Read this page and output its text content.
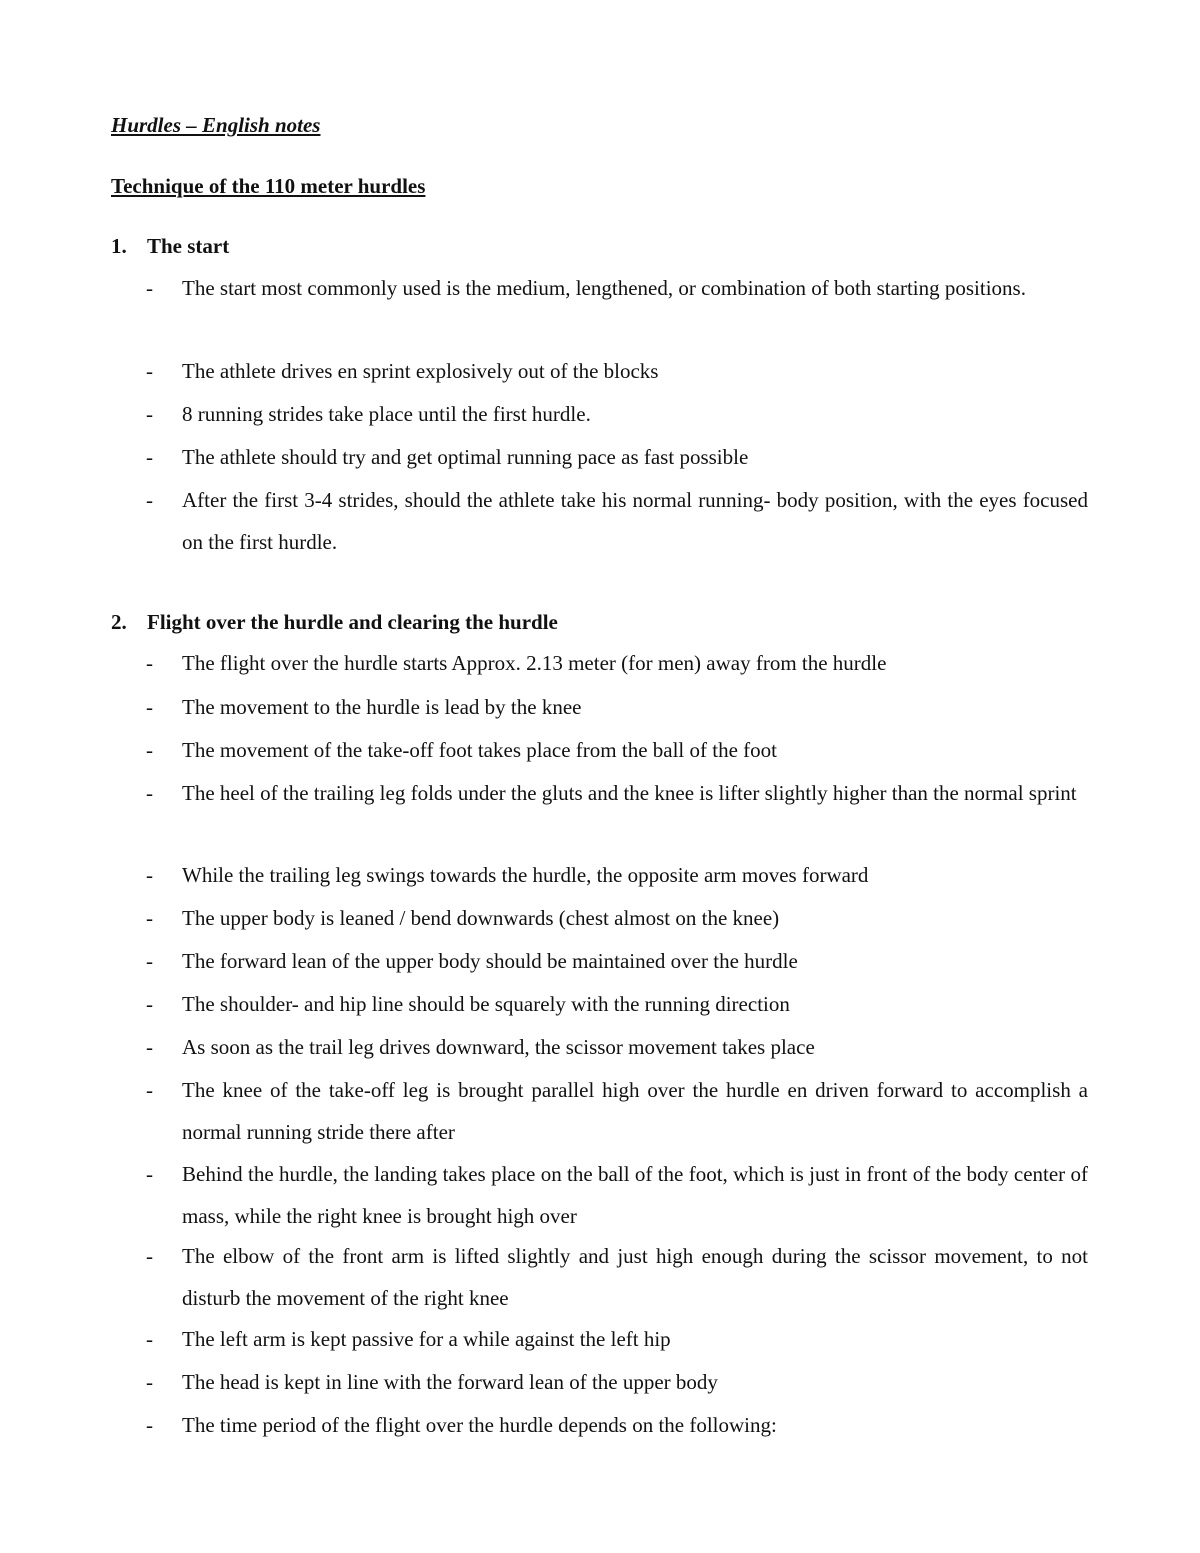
Hurdles – English notes
Technique of the 110 meter hurdles
1. The start
-	The start most commonly used is the medium, lengthened, or combination of both starting positions.
-	The athlete drives en sprint explosively out of the blocks
-	8 running strides take place until the first hurdle.
-	The athlete should try and get optimal running pace as fast possible
-	After the first 3-4 strides, should the athlete take his normal running- body position, with the eyes focused on the first hurdle.
2. Flight over the hurdle and clearing the hurdle
-	The flight over the hurdle starts Approx. 2.13 meter (for men) away from the hurdle
-	The movement to the hurdle is lead by the knee
-	The movement of the take-off foot takes place from the ball of the foot
-	The heel of the trailing leg folds under the gluts and the knee is lifter slightly higher than the normal sprint
-	While the trailing leg swings towards the hurdle, the opposite arm moves forward
-	The upper body is leaned / bend downwards (chest almost on the knee)
-	The forward lean of the upper body should be maintained over the hurdle
-	The shoulder- and hip line should be squarely with the running direction
-	As soon as the trail leg drives downward, the scissor movement takes place
-	The knee of the take-off leg is brought parallel high over the hurdle en driven forward to accomplish a normal running stride there after
-	Behind the hurdle, the landing takes place on the ball of the foot, which is just in front of the body center of mass, while the right knee is brought high over
-	The elbow of the front arm is lifted slightly and just high enough during the scissor movement, to not disturb the movement of the right knee
-	The left arm is kept passive for a while against the left hip
-	The head is kept in line with the forward lean of the upper body
-	The time period of the flight over the hurdle depends on the following:
